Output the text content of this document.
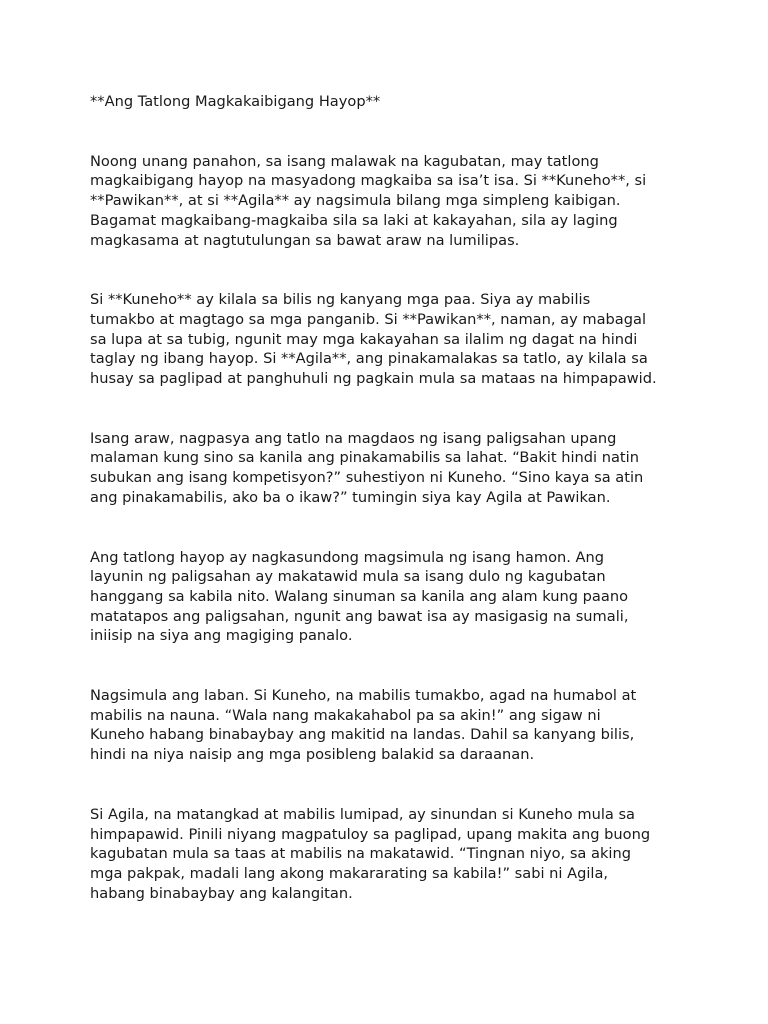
**Ang Tatlong Magkakaibigang Hayop**
Noong unang panahon, sa isang malawak na kagubatan, may tatlong
magkaibigang hayop na masyadong magkaiba sa isa’t isa. Si **Kuneho**, si
**Pawikan**, at si **Agila** ay nagsimula bilang mga simpleng kaibigan.
Bagamat magkaibang-magkaiba sila sa laki at kakayahan, sila ay laging
magkasama at nagtutulungan sa bawat araw na lumilipas.
Si **Kuneho** ay kilala sa bilis ng kanyang mga paa. Siya ay mabilis
tumakbo at magtago sa mga panganib. Si **Pawikan**, naman, ay mabagal
sa lupa at sa tubig, ngunit may mga kakayahan sa ilalim ng dagat na hindi
taglay ng ibang hayop. Si **Agila**, ang pinakamalakas sa tatlo, ay kilala sa
husay sa paglipad at panghuhuli ng pagkain mula sa mataas na himpapawid.
Isang araw, nagpasya ang tatlo na magdaos ng isang paligsahan upang
malaman kung sino sa kanila ang pinakamabilis sa lahat. “Bakit hindi natin
subukan ang isang kompetisyon?” suhestiyon ni Kuneho. “Sino kaya sa atin
ang pinakamabilis, ako ba o ikaw?” tumingin siya kay Agila at Pawikan.
Ang tatlong hayop ay nagkasundong magsimula ng isang hamon. Ang
layunin ng paligsahan ay makatawid mula sa isang dulo ng kagubatan
hanggang sa kabila nito. Walang sinuman sa kanila ang alam kung paano
matatapos ang paligsahan, ngunit ang bawat isa ay masigasig na sumali,
iniisip na siya ang magiging panalo.
Nagsimula ang laban. Si Kuneho, na mabilis tumakbo, agad na humabol at
mabilis na nauna. “Wala nang makakahabol pa sa akin!” ang sigaw ni
Kuneho habang binabaybay ang makitid na landas. Dahil sa kanyang bilis,
hindi na niya naisip ang mga posibleng balakid sa daraanan.
Si Agila, na matangkad at mabilis lumipad, ay sinundan si Kuneho mula sa
himpapawid. Pinili niyang magpatuloy sa paglipad, upang makita ang buong
kagubatan mula sa taas at mabilis na makatawid. “Tingnan niyo, sa aking
mga pakpak, madali lang akong makararating sa kabila!” sabi ni Agila,
habang binabaybay ang kalangitan.
